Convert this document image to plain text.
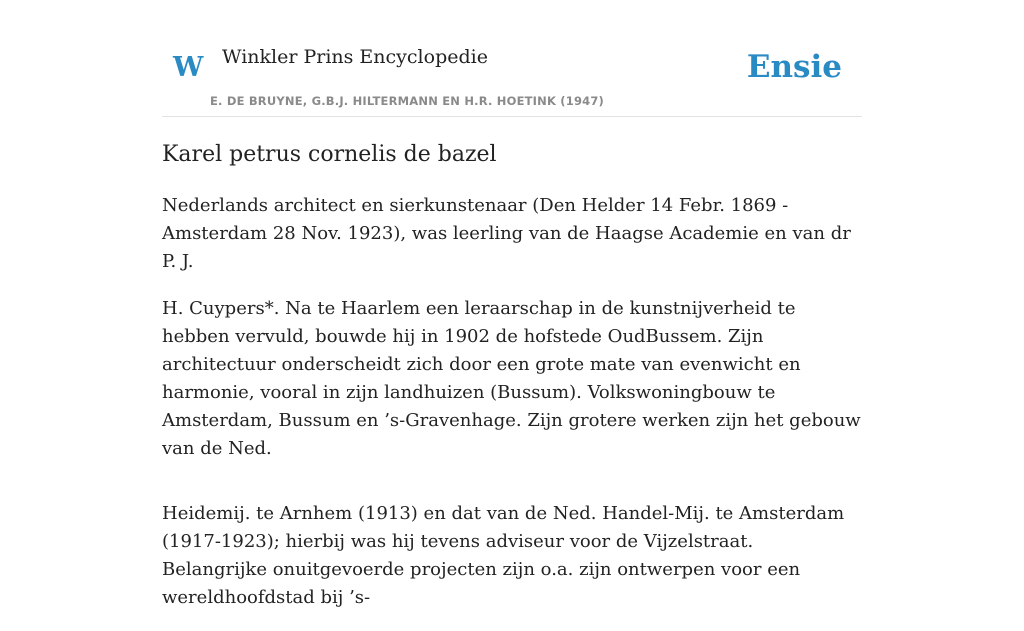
W Winkler Prins Encyclopedie
E. DE BRUYNE, G.B.J. HILTERMANN EN H.R. HOETINK (1947)
Ensie
Karel petrus cornelis de bazel

Nederlands architect en sierkunstenaar (Den Helder 14 Febr. 1869 - Amsterdam 28 Nov. 1923), was leerling van de Haagse Academie en van dr P. J.

H. Cuypers*. Na te Haarlem een leraarschap in de kunstnijverheid te hebben vervuld, bouwde hij in 1902 de hofstede OudBussem. Zijn architectuur onderscheidt zich door een grote mate van evenwicht en harmonie, vooral in zijn landhuizen (Bussum). Volkswoningbouw te Amsterdam, Bussum en ’s-Gravenhage. Zijn grotere werken zijn het gebouw van de Ned.

Heidemij. te Arnhem (1913) en dat van de Ned. Handel-Mij. te Amsterdam (1917-1923); hierbij was hij tevens adviseur voor de Vijzelstraat. Belangrijke onuitgevoerde projecten zijn o.a. zijn ontwerpen voor een wereldhoofdstad bij ’s-
